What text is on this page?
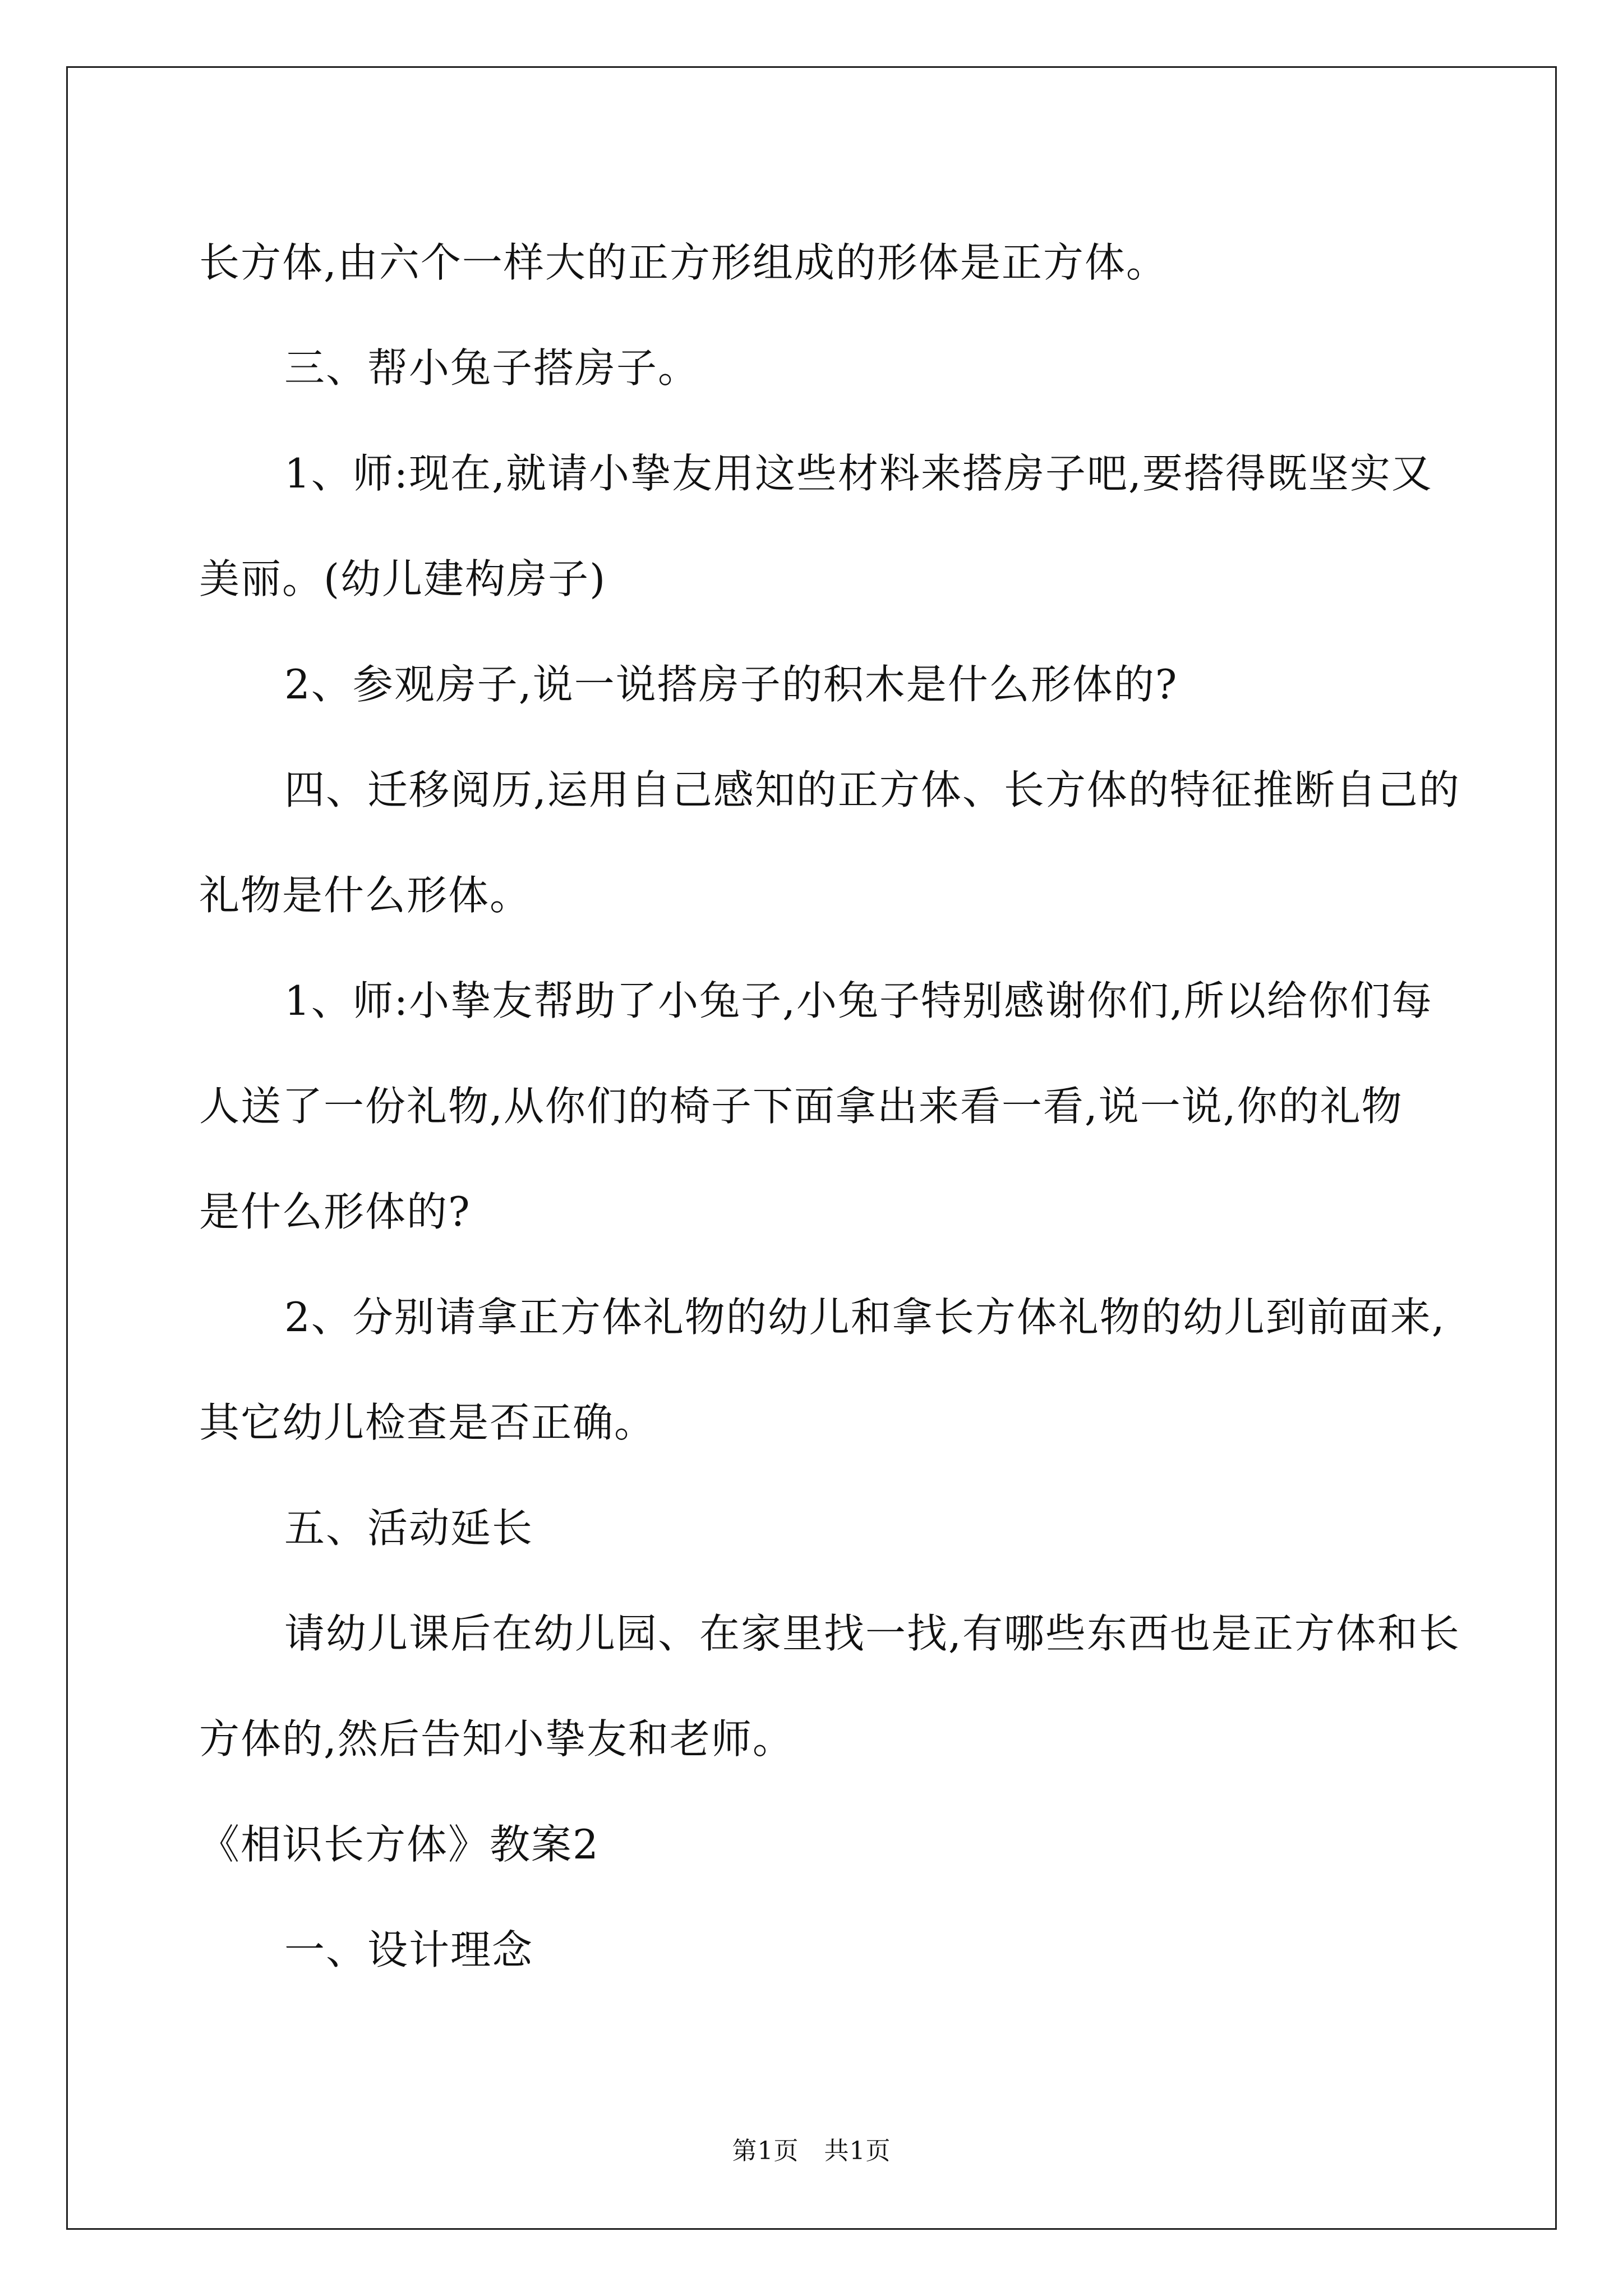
长方体,由六个一样大的正方形组成的形体是正方体。

三、帮小兔子搭房子。

1、师:现在,就请小挚友用这些材料来搭房子吧,要搭得既坚实又

美丽。(幼儿建构房子)

2、参观房子,说一说搭房子的积木是什么形体的?

四、迁移阅历,运用自己感知的正方体、长方体的特征推断自己的

礼物是什么形体。

1、师:小挚友帮助了小兔子,小兔子特别感谢你们,所以给你们每

人送了一份礼物,从你们的椅子下面拿出来看一看,说一说,你的礼物

是什么形体的?

2、分别请拿正方体礼物的幼儿和拿长方体礼物的幼儿到前面来,

其它幼儿检查是否正确。

五、活动延长

请幼儿课后在幼儿园、在家里找一找,有哪些东西也是正方体和长

方体的,然后告知小挚友和老师。

《相识长方体》教案2

一、设计理念

第1页   共1页
